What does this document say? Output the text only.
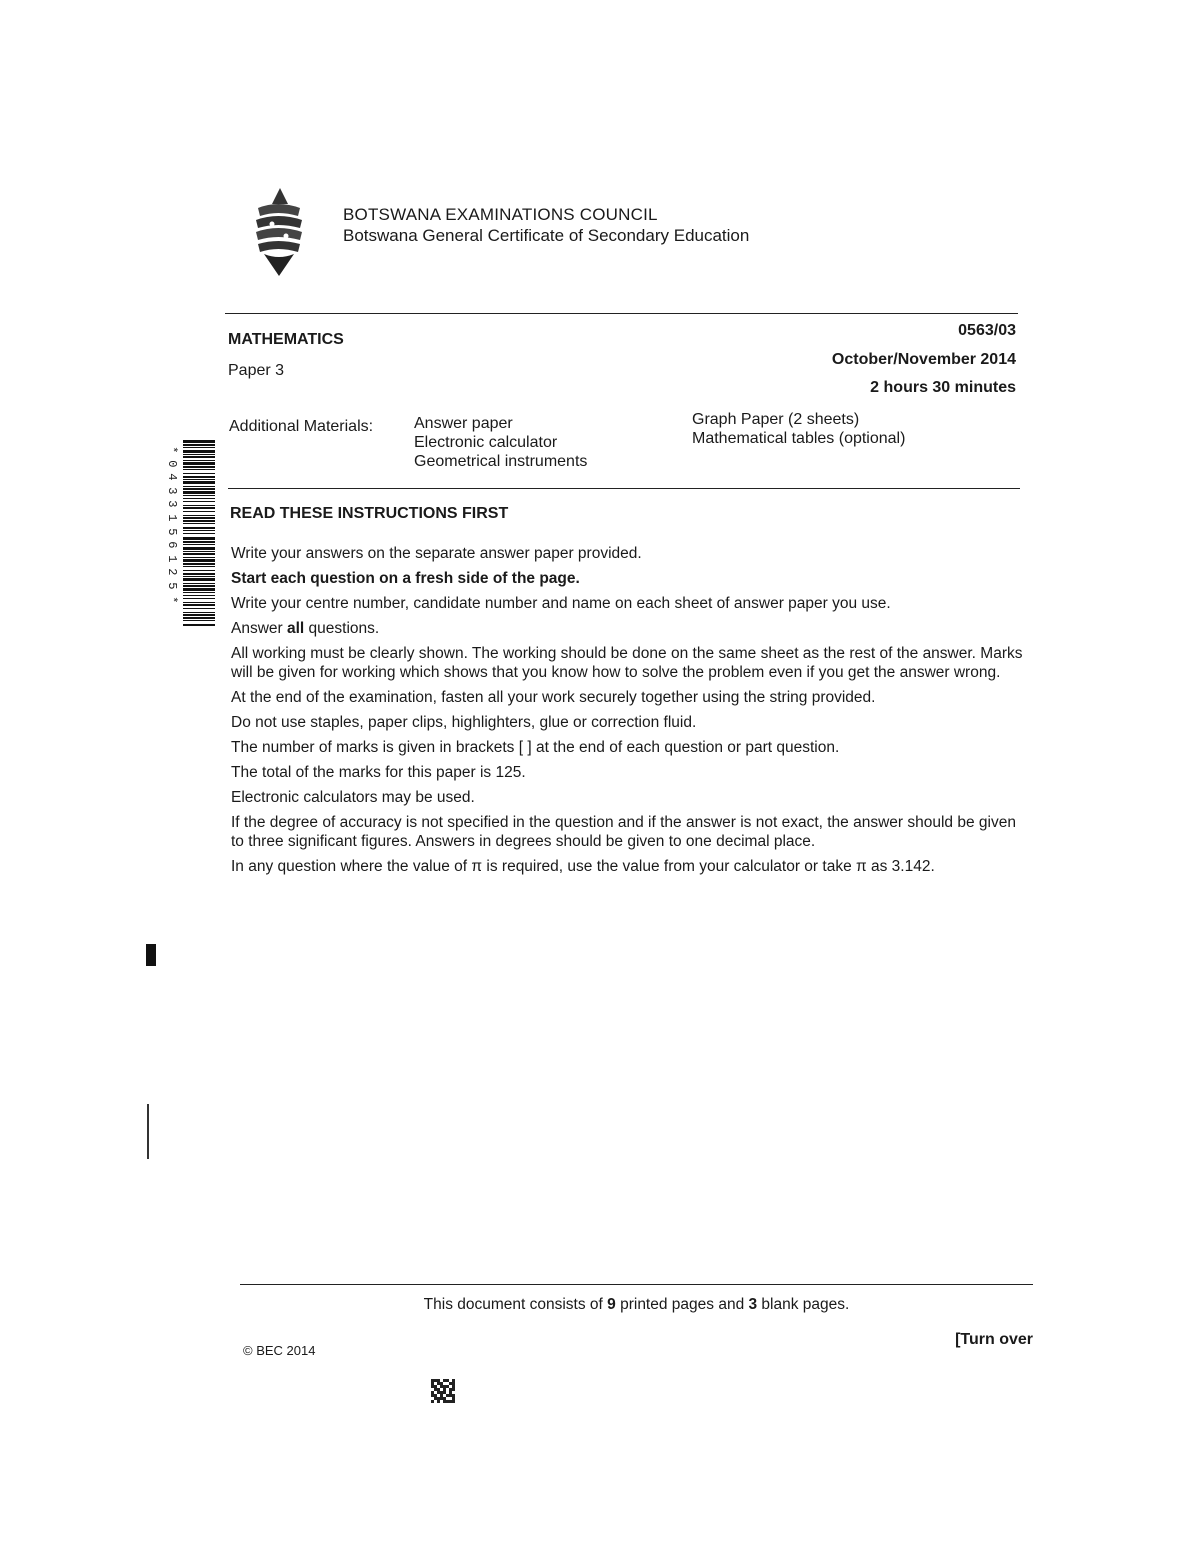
BOTSWANA EXAMINATIONS COUNCIL
Botswana General Certificate of Secondary Education
MATHEMATICS
Paper 3
0563/03
October/November 2014
2 hours 30 minutes
Additional Materials:	Answer paper
Electronic calculator
Geometrical instruments
Graph Paper (2 sheets)
Mathematical tables (optional)
*
0
4
3
3
1
5
6
1
2
5
*
READ THESE INSTRUCTIONS FIRST
Write your answers on the separate answer paper provided.
Start each question on a fresh side of the page.
Write your centre number, candidate number and name on each sheet of answer paper you use.
Answer all questions.
All working must be clearly shown. The working should be done on the same sheet as the rest of the answer. Marks will be given for working which shows that you know how to solve the problem even if you get the answer wrong.
At the end of the examination, fasten all your work securely together using the string provided.
Do not use staples, paper clips, highlighters, glue or correction fluid.
The number of marks is given in brackets [ ] at the end of each question or part question.
The total of the marks for this paper is 125.
Electronic calculators may be used.
If the degree of accuracy is not specified in the question and if the answer is not exact, the answer should be given to three significant figures. Answers in degrees should be given to one decimal place.
In any question where the value of π is required, use the value from your calculator or take π as 3.142.
This document consists of 9 printed pages and 3 blank pages.
© BEC 2014
[Turn over
